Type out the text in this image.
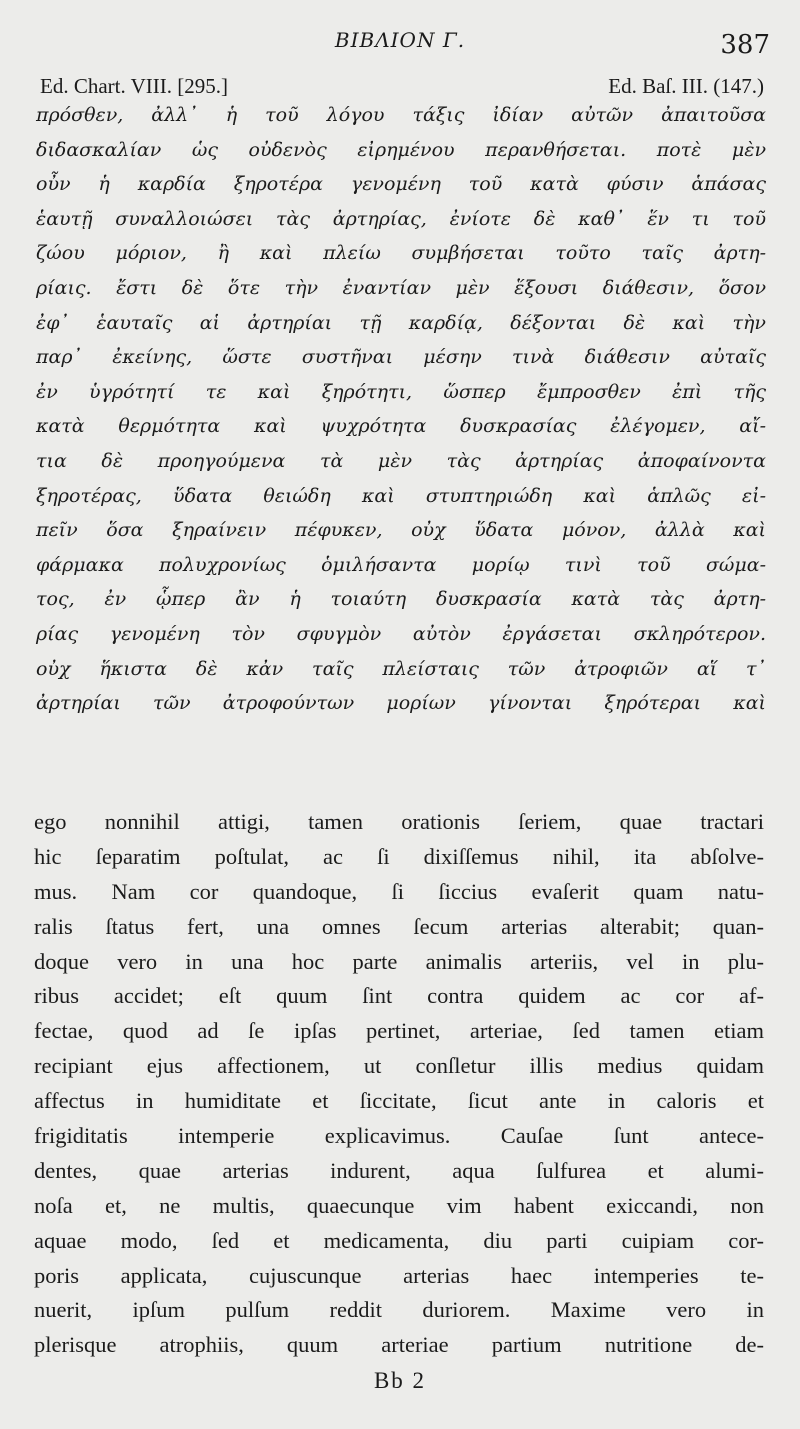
BIBΛION Γ.	387
Ed. Chart. VIII. [295.]	Ed. Baſ. III. (147.)
πρόσθεν, ἀλλ᾽ ἡ τοῦ λόγου τάξις ἰδίαν αὐτῶν ἀπαιτοῦσα
διδασκαλίαν ὡς οὐδενὸς εἰρημένου περανθήσεται. ποτὲ μὲν
οὖν ἡ καρδία ξηροτέρα γενομένη τοῦ κατὰ φύσιν ἁπάσας
ἑαυτῇ συναλλοιώσει τὰς ἀρτηρίας, ἐνίοτε δὲ καθ᾽ ἕν τι τοῦ
ζώου μόριον, ἢ καὶ πλείω συμβήσεται τοῦτο ταῖς ἀρτη-
ρίαις. ἔστι δὲ ὅτε τὴν ἐναντίαν μὲν ἕξουσι διάθεσιν, ὅσον
ἐφ᾽ ἑαυταῖς αἱ ἀρτηρίαι τῇ καρδίᾳ, δέξονται δὲ καὶ τὴν
παρ᾽ ἐκείνης, ὥστε συστῆναι μέσην τινὰ διάθεσιν αὐταῖς
ἐν ὑγρότητί τε καὶ ξηρότητι, ὥσπερ ἔμπροσθεν ἐπὶ τῆς
κατὰ θερμότητα καὶ ψυχρότητα δυσκρασίας ἐλέγομεν, αἴ-
τια δὲ προηγούμενα τὰ μὲν τὰς ἀρτηρίας ἀποφαίνοντα
ξηροτέρας, ὕδατα θειώδη καὶ στυπτηριώδη καὶ ἁπλῶς εἰ-
πεῖν ὅσα ξηραίνειν πέφυκεν, οὐχ ὕδατα μόνον, ἀλλὰ καὶ
φάρμακα πολυχρονίως ὁμιλήσαντα μορίῳ τινὶ τοῦ σώμα-
τος, ἐν ᾧπερ ἂν ἡ τοιαύτη δυσκρασία κατὰ τὰς ἀρτη-
ρίας γενομένη τὸν σφυγμὸν αὐτὸν ἐργάσεται σκληρότερον.
οὐχ ἥκιστα δὲ κἀν ταῖς πλείσταις τῶν ἀτροφιῶν αἵ τ᾽
ἀρτηρίαι τῶν ἀτροφούντων μορίων γίνονται ξηρότεραι καὶ
ego nonnihil attigi, tamen orationis ſeriem, quae tractari
hic ſeparatim poſtulat, ac ſi dixiſſemus nihil, ita abſolve-
mus. Nam cor quandoque, ſi ſiccius evaſerit quam natu-
ralis ſtatus fert, una omnes ſecum arterias alterabit; quan-
doque vero in una hoc parte animalis arteriis, vel in plu-
ribus accidet; eſt quum ſint contra quidem ac cor af-
fectae, quod ad ſe ipſas pertinet, arteriae, ſed tamen etiam
recipiant ejus affectionem, ut conſletur illis medius quidam
affectus in humiditate et ſiccitate, ſicut ante in caloris et
frigiditatis intemperie explicavimus. Cauſae ſunt antece-
dentes, quae arterias indurent, aqua ſulfurea et alumi-
noſa et, ne multis, quaecunque vim habent exiccandi, non
aquae modo, ſed et medicamenta, diu parti cuipiam cor-
poris applicata, cujuscunque arterias haec intemperies te-
nuerit, ipſum pulſum reddit duriorem. Maxime vero in
plerisque atrophiis, quum arteriae partium nutritione de-
Bb 2
